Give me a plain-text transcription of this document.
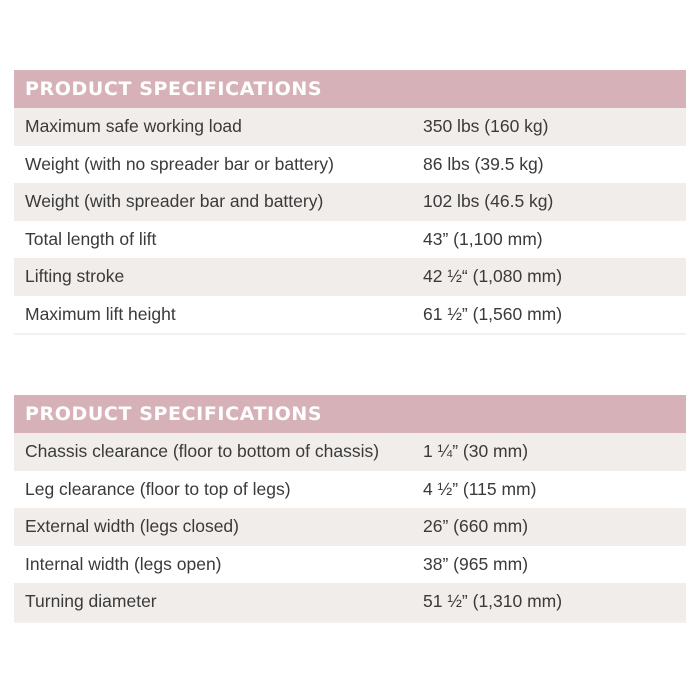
PRODUCT SPECIFICATIONS
Maximum safe working load	350 lbs (160 kg)
Weight (with no spreader bar or battery)	86 lbs (39.5 kg)
Weight (with spreader bar and battery)	102 lbs (46.5 kg)
Total length of lift	43” (1,100 mm)
Lifting stroke	42 ½“ (1,080 mm)
Maximum lift height	61 ½” (1,560 mm)
PRODUCT SPECIFICATIONS
Chassis clearance (floor to bottom of chassis)	1 ¼” (30 mm)
Leg clearance (floor to top of legs)	4 ½” (115 mm)
External width (legs closed)	26” (660 mm)
Internal width (legs open)	38” (965 mm)
Turning diameter	51 ½” (1,310 mm)
